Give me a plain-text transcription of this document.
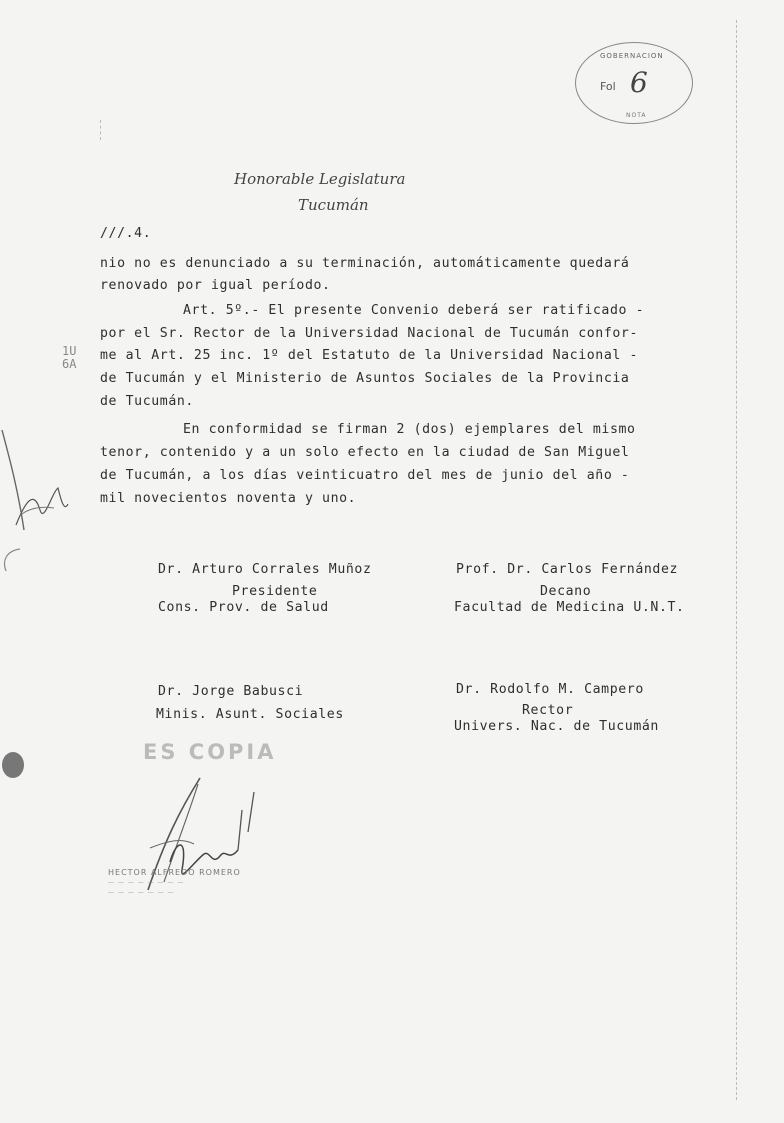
Honorable Legislatura
Tucumán
GOBERNACION
Fol 6
NOTA
///.4.
nio no es denunciado a su terminación, automáticamente quedará
renovado por igual período.
Art. 5º.- El presente Convenio deberá ser ratificado -
por el Sr. Rector de la Universidad Nacional de Tucumán confor-
me al Art. 25 inc. 1º del Estatuto de la Universidad Nacional -
de Tucumán y el Ministerio de Asuntos Sociales de la Provincia
de Tucumán.
En conformidad se firman 2 (dos) ejemplares del mismo
tenor, contenido y a un solo efecto en la ciudad de San Miguel
de Tucumán, a los días veinticuatro del mes de junio del año -
mil novecientos noventa y uno.
Dr. Arturo Corrales Muñoz
Presidente
Cons. Prov. de Salud
Prof. Dr. Carlos Fernández
Decano
Facultad de Medicina U.N.T.
Dr. Jorge Babusci
Minis. Asunt. Sociales
Dr. Rodolfo M. Campero
Rector
Univers. Nac. de Tucumán
ES COPIA
HECTOR ALFREDO ROMERO
— — — — — — — —
— — — — — — —
1U6A
